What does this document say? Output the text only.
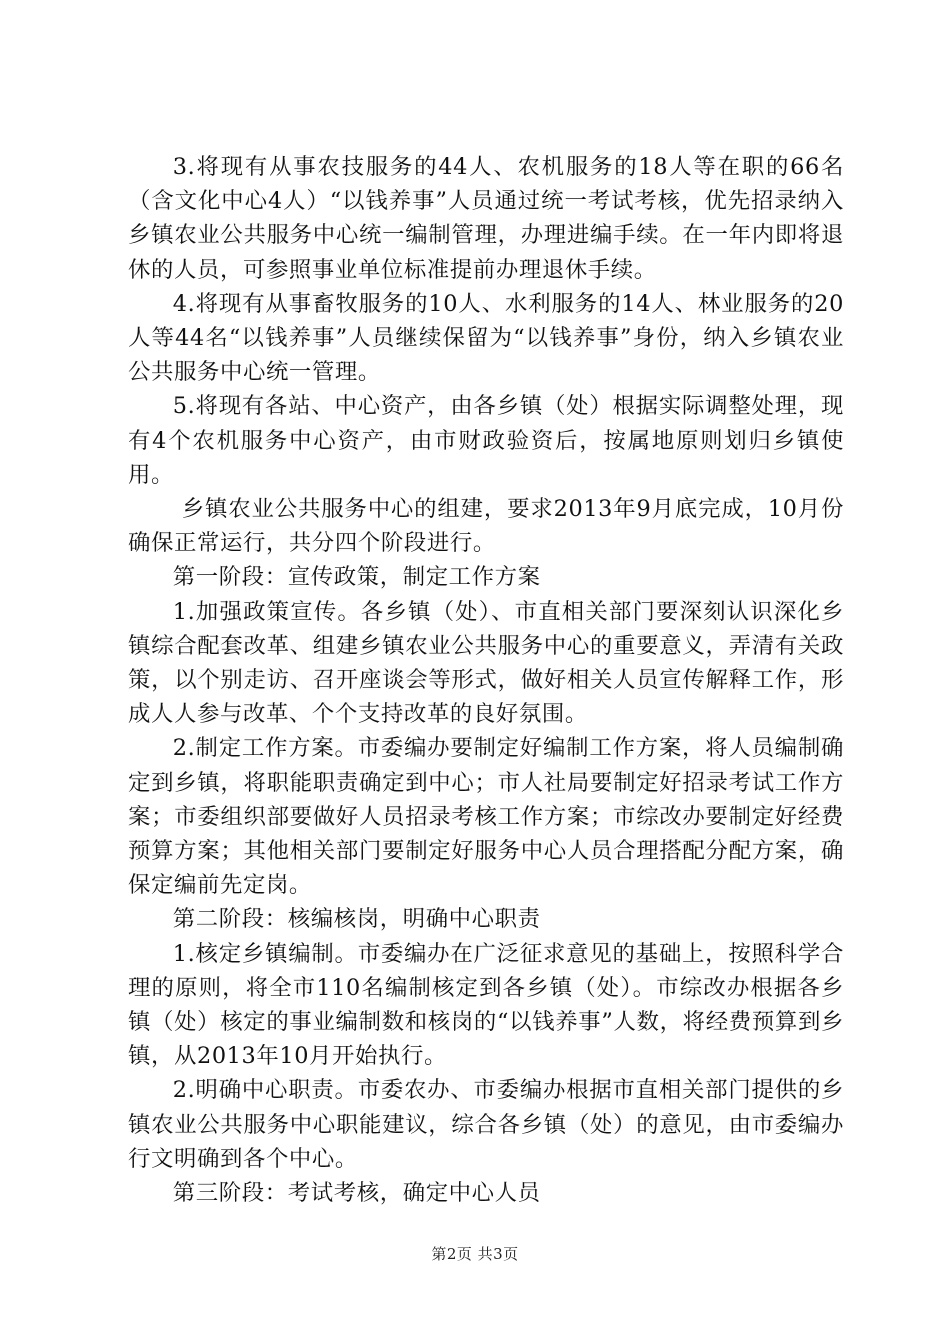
3.将现有从事农技服务的44人、农机服务的18人等在职的66名（含文化中心4人）“以钱养事”人员通过统一考试考核，优先招录纳入乡镇农业公共服务中心统一编制管理，办理进编手续。在一年内即将退休的人员，可参照事业单位标准提前办理退休手续。

4.将现有从事畜牧服务的10人、水利服务的14人、林业服务的20人等44名“以钱养事”人员继续保留为“以钱养事”身份，纳入乡镇农业公共服务中心统一管理。

5.将现有各站、中心资产，由各乡镇（处）根据实际调整处理，现有4个农机服务中心资产，由市财政验资后，按属地原则划归乡镇使用。

乡镇农业公共服务中心的组建，要求2013年9月底完成，10月份确保正常运行，共分四个阶段进行。

第一阶段：宣传政策，制定工作方案

1.加强政策宣传。各乡镇（处）、市直相关部门要深刻认识深化乡镇综合配套改革、组建乡镇农业公共服务中心的重要意义，弄清有关政策，以个别走访、召开座谈会等形式，做好相关人员宣传解释工作，形成人人参与改革、个个支持改革的良好氛围。

2.制定工作方案。市委编办要制定好编制工作方案，将人员编制确定到乡镇，将职能职责确定到中心；市人社局要制定好招录考试工作方案；市委组织部要做好人员招录考核工作方案；市综改办要制定好经费预算方案；其他相关部门要制定好服务中心人员合理搭配分配方案，确保定编前先定岗。

第二阶段：核编核岗，明确中心职责

1.核定乡镇编制。市委编办在广泛征求意见的基础上，按照科学合理的原则，将全市110名编制核定到各乡镇（处）。市综改办根据各乡镇（处）核定的事业编制数和核岗的“以钱养事”人数，将经费预算到乡镇，从2013年10月开始执行。

2.明确中心职责。市委农办、市委编办根据市直相关部门提供的乡镇农业公共服务中心职能建议，综合各乡镇（处）的意见，由市委编办行文明确到各个中心。

第三阶段：考试考核，确定中心人员

第2页 共3页
